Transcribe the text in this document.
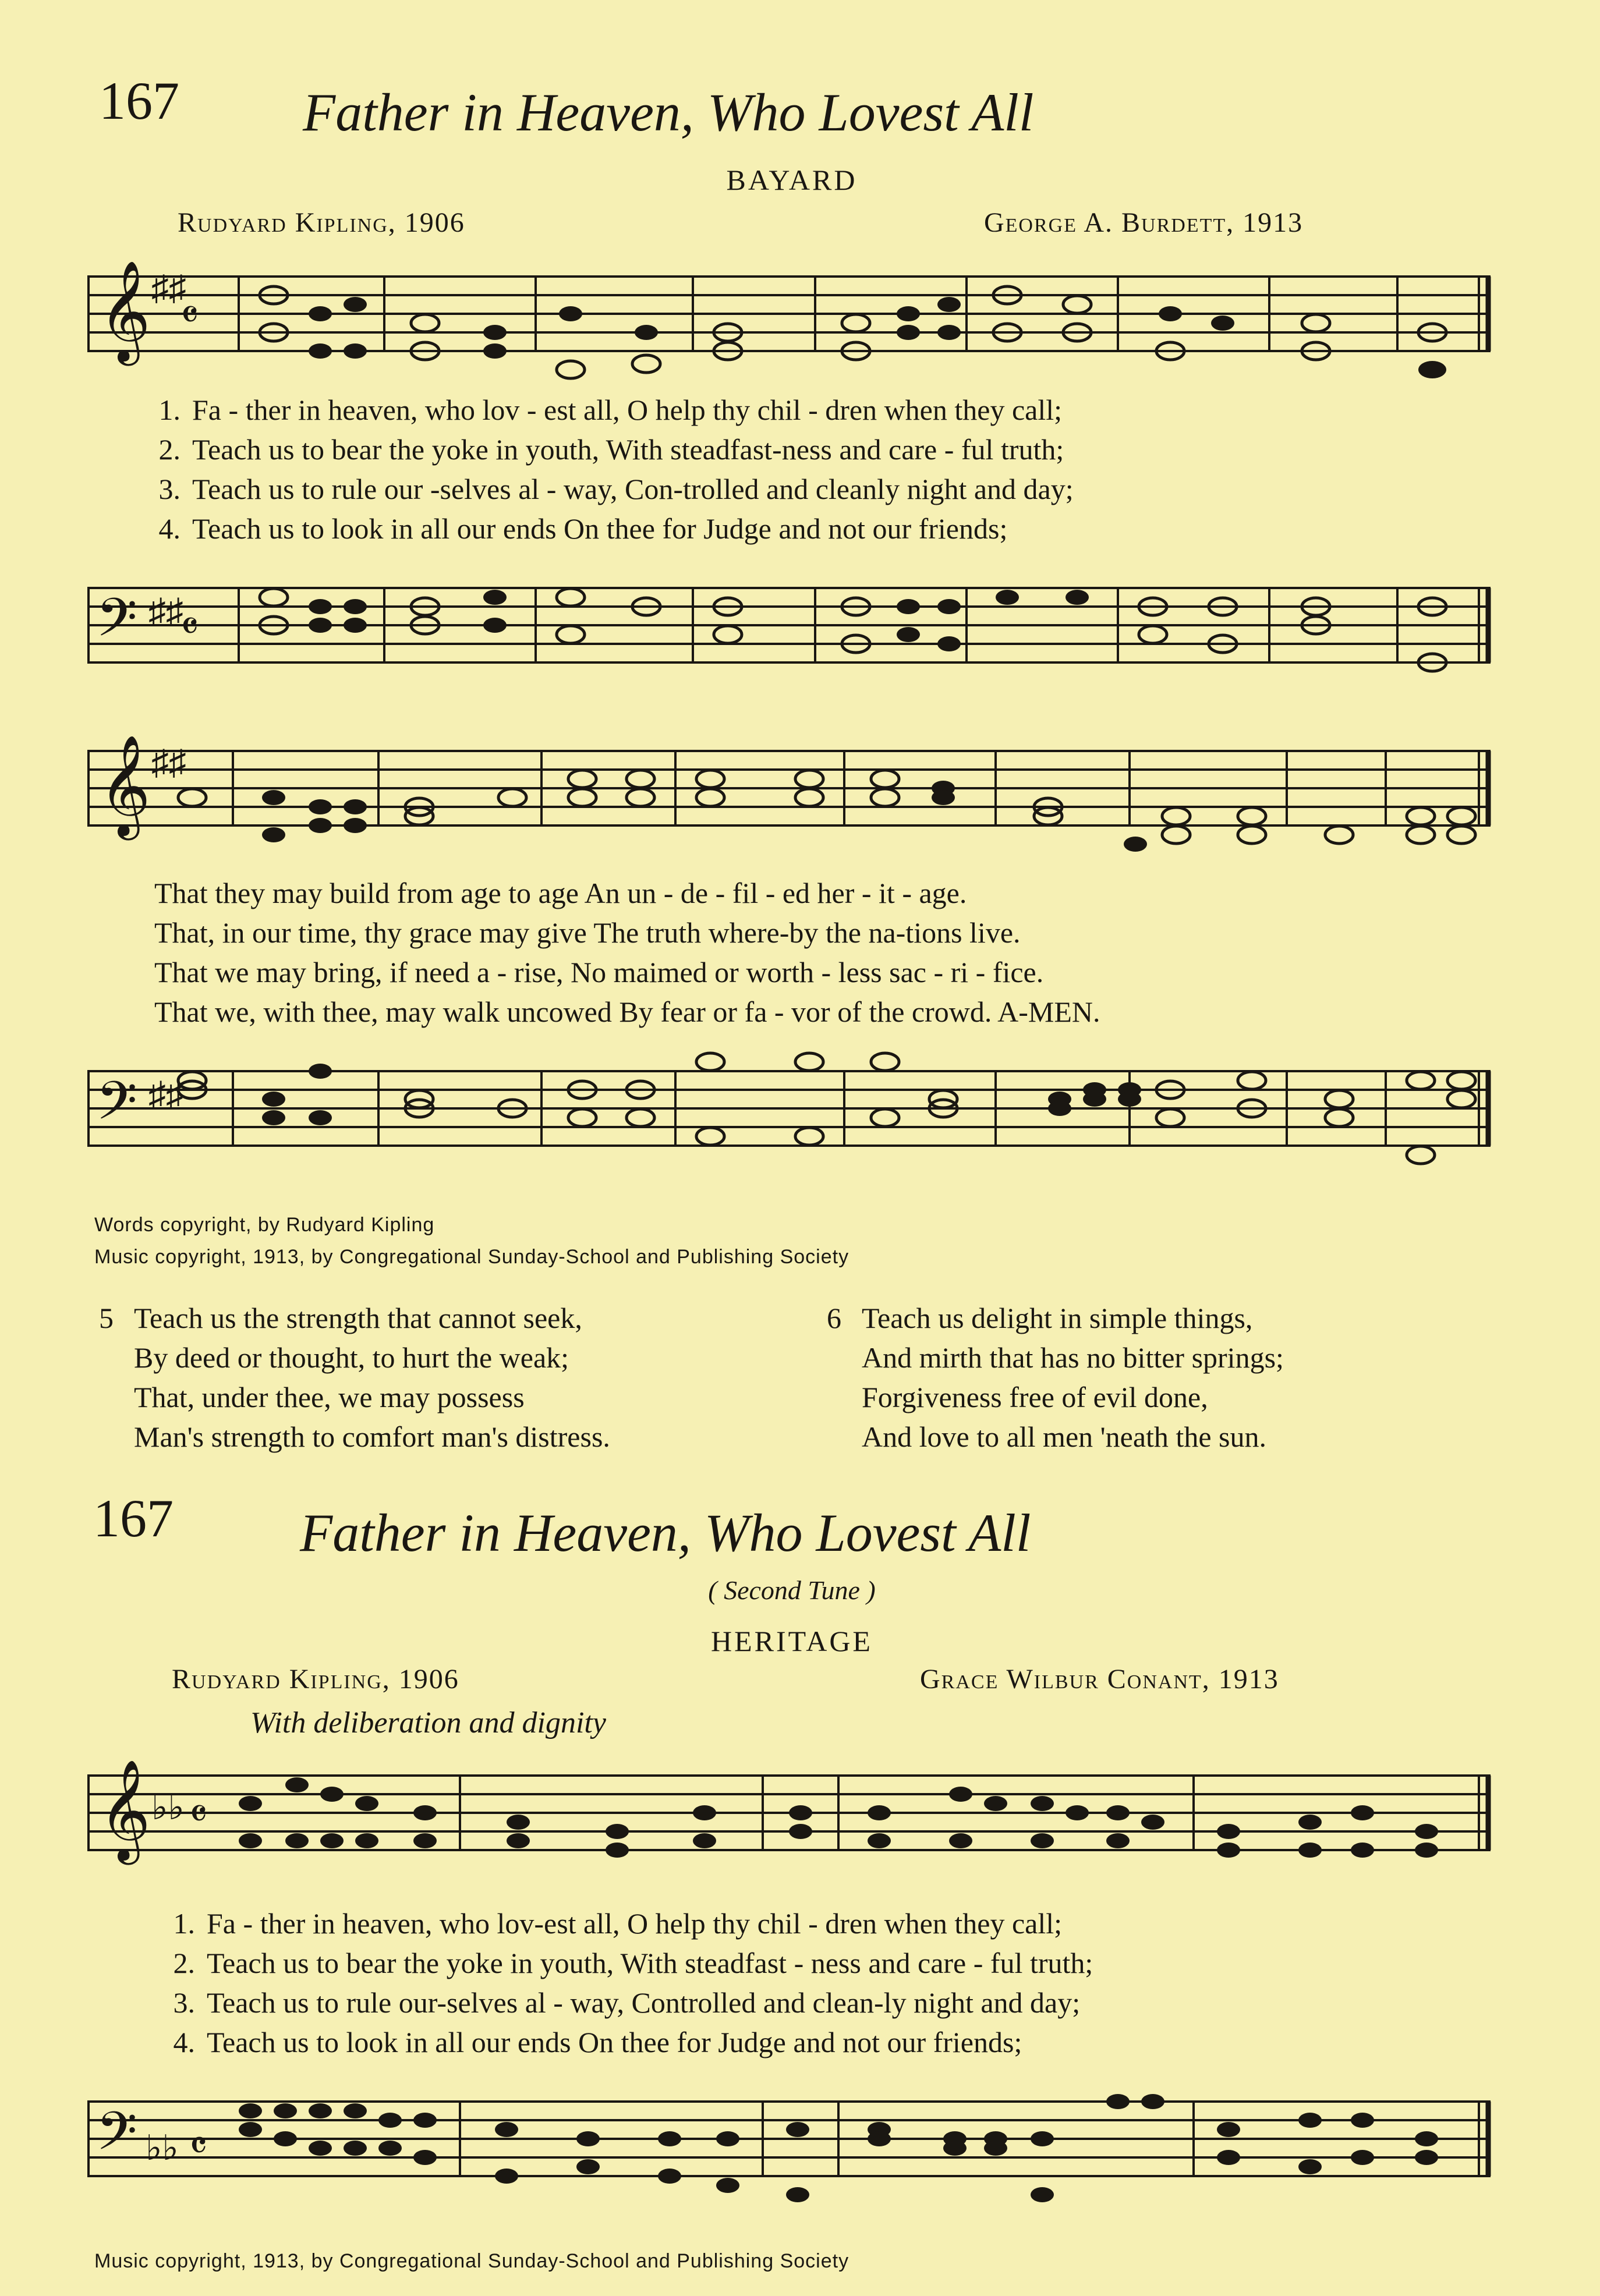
167 Father in Heaven, Who Lovest All
BAYARD
Rudyard Kipling, 1906	George A. Burdett, 1913
𝄞 ♯♯
𝄴
1. Fa - ther in heaven, who lov - est all, O help thy chil - dren when they call;
2. Teach us to bear the yoke in youth, With steadfast-ness and care - ful truth;
3. Teach us to rule our -selves al - way, Con-trolled and cleanly night and day;
4. Teach us to look in all our ends On thee for Judge and not our friends;
𝄢 ♯♯
𝄴
𝄞 ♯♯
That they may build from age to age An un - de - fil - ed her - it - age.
That, in our time, thy grace may give The truth where-by the na-tions live.
That we may bring, if need a - rise, No maimed or worth - less sac - ri - fice.
That we, with thee, may walk uncowed By fear or fa - vor of the crowd. A-MEN.
𝄢 ♯♯
Words copyright, by Rudyard Kipling
Music copyright, 1913, by Congregational Sunday-School and Publishing Society
5 Teach us the strength that cannot seek,
By deed or thought, to hurt the weak;
That, under thee, we may possess
Man's strength to comfort man's distress.
6 Teach us delight in simple things,
And mirth that has no bitter springs;
Forgiveness free of evil done,
And love to all men 'neath the sun.
167 Father in Heaven, Who Lovest All
( Second Tune )
HERITAGE
Rudyard Kipling, 1906	Grace Wilbur Conant, 1913
With deliberation and dignity
𝄞 ♭♭ 𝄴
1. Fa - ther in heaven, who lov-est all, O help thy chil - dren when they call;
2. Teach us to bear the yoke in youth, With steadfast - ness and care - ful truth;
3. Teach us to rule our-selves al - way, Controlled and clean-ly night and day;
4. Teach us to look in all our ends On thee for Judge and not our friends;
𝄢 ♭♭ 𝄴
Music copyright, 1913, by Congregational Sunday-School and Publishing Society
